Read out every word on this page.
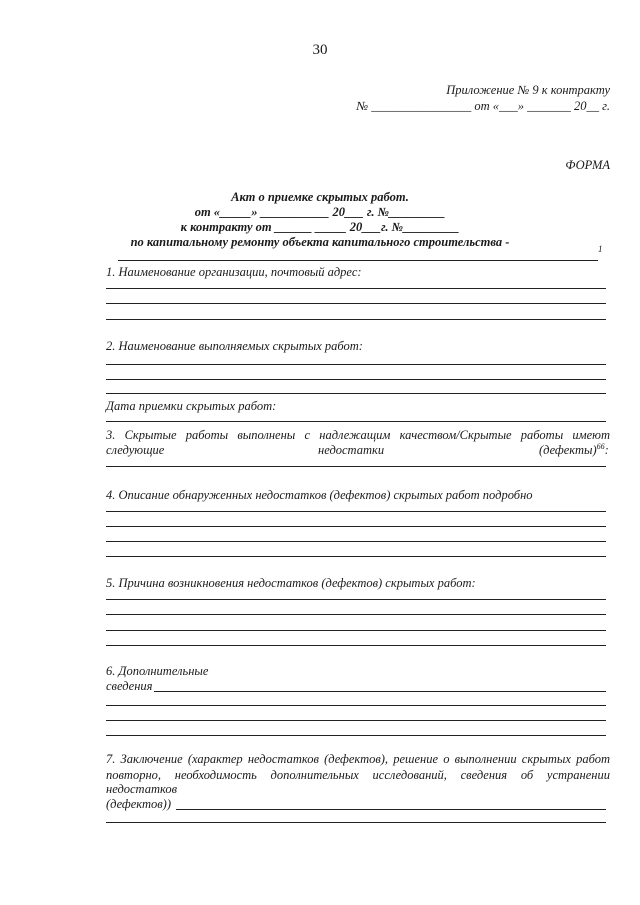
30
Приложение № 9 к контракту
№ ________________ от «___» _______ 20__ г.
ФОРМА
Акт о приемке скрытых работ.
от «_____» ___________ 20___ г. №_________
к контракту от ______ _____ 20___г. №_________
по капитальному ремонту объекта капитального строительства -	1
1. Наименование организации, почтовый адрес:
2. Наименование выполняемых скрытых работ:
Дата приемки скрытых работ:
3. Скрытые работы выполнены с надлежащим качеством/Скрытые работы имеют
следующие	недостатки	(дефекты)$^{66}$:
4. Описание обнаруженных недостатков (дефектов) скрытых работ подробно
5. Причина возникновения недостатков (дефектов) скрытых работ:
6. Дополнительные
сведения
7. Заключение (характер недостатков (дефектов), решение о выполнении скрытых работ
повторно, необходимость дополнительных исследований, сведения об устранении
недостатков
(дефектов))
